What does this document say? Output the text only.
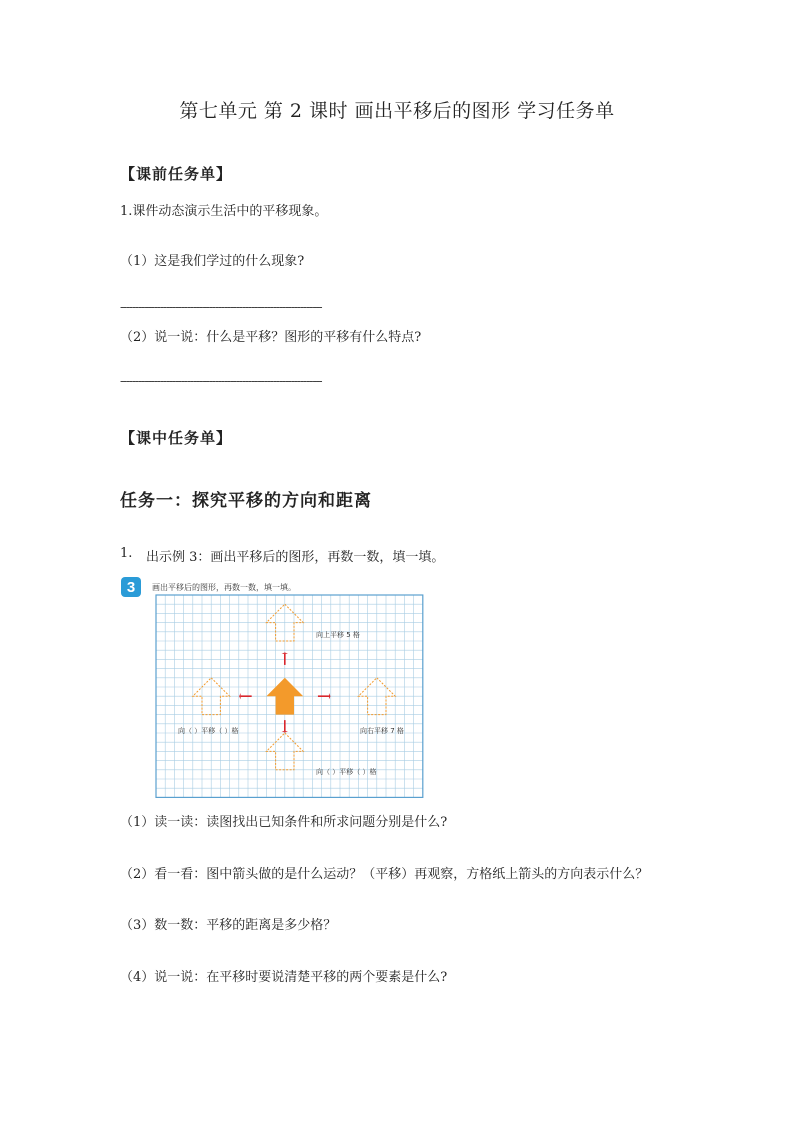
第七单元 第 2 课时 画出平移后的图形 学习任务单
【课前任务单】
1.课件动态演示生活中的平移现象。
（1）这是我们学过的什么现象?
------------------------------------------------------------------
（2）说一说：什么是平移？图形的平移有什么特点?
------------------------------------------------------------------
【课中任务单】
任务一：探究平移的方向和距离
1. 出示例 3：画出平移后的图形，再数一数，填一填。
3 画出平移后的图形，再数一数，填一填。
向上平移 5 格
向（ ）平移（ ）格	向右平移 7 格
向（ ）平移（ ）格
（1）读一读：读图找出已知条件和所求问题分别是什么?
（2）看一看：图中箭头做的是什么运动？（平移）再观察，方格纸上箭头的方向表示什么？
（3）数一数：平移的距离是多少格？
（4）说一说：在平移时要说清楚平移的两个要素是什么?
